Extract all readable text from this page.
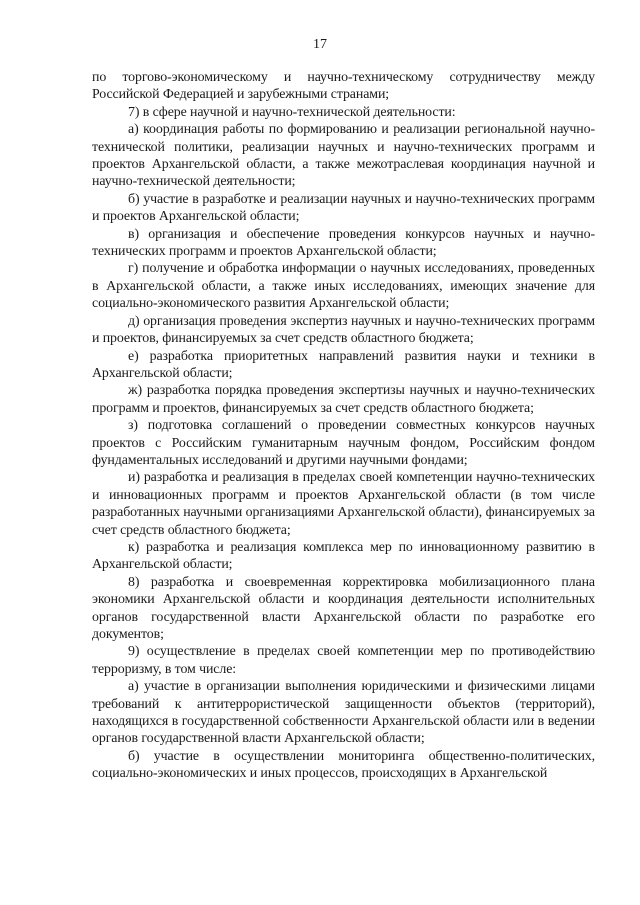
17

по торгово-экономическому и научно-техническому сотрудничеству между Российской Федерацией и зарубежными странами;

7) в сфере научной и научно-технической деятельности:

а) координация работы по формированию и реализации региональной научно-технической политики, реализации научных и научно-технических программ и проектов Архангельской области, а также межотраслевая координация научной и научно-технической деятельности;

б) участие в разработке и реализации научных и научно-технических программ и проектов Архангельской области;

в) организация и обеспечение проведения конкурсов научных и научно-технических программ и проектов Архангельской области;

г) получение и обработка информации о научных исследованиях, проведенных в Архангельской области, а также иных исследованиях, имеющих значение для социально-экономического развития Архангельской области;

д) организация проведения экспертиз научных и научно-технических программ и проектов, финансируемых за счет средств областного бюджета;

е) разработка приоритетных направлений развития науки и техники в Архангельской области;

ж) разработка порядка проведения экспертизы научных и научно-технических программ и проектов, финансируемых за счет средств областного бюджета;

з) подготовка соглашений о проведении совместных конкурсов научных проектов с Российским гуманитарным научным фондом, Российским фондом фундаментальных исследований и другими научными фондами;

и) разработка и реализация в пределах своей компетенции научно-технических и инновационных программ и проектов Архангельской области (в том числе разработанных научными организациями Архангельской области), финансируемых за счет средств областного бюджета;

к) разработка и реализация комплекса мер по инновационному развитию в Архангельской области;

8) разработка и своевременная корректировка мобилизационного плана экономики Архангельской области и координация деятельности исполнительных органов государственной власти Архангельской области по разработке его документов;

9) осуществление в пределах своей компетенции мер по противодействию терроризму, в том числе:

а) участие в организации выполнения юридическими и физическими лицами требований к антитеррористической защищенности объектов (территорий), находящихся в государственной собственности Архангельской области или в ведении органов государственной власти Архангельской области;

б) участие в осуществлении мониторинга общественно-политических, социально-экономических и иных процессов, происходящих в Архангельской
